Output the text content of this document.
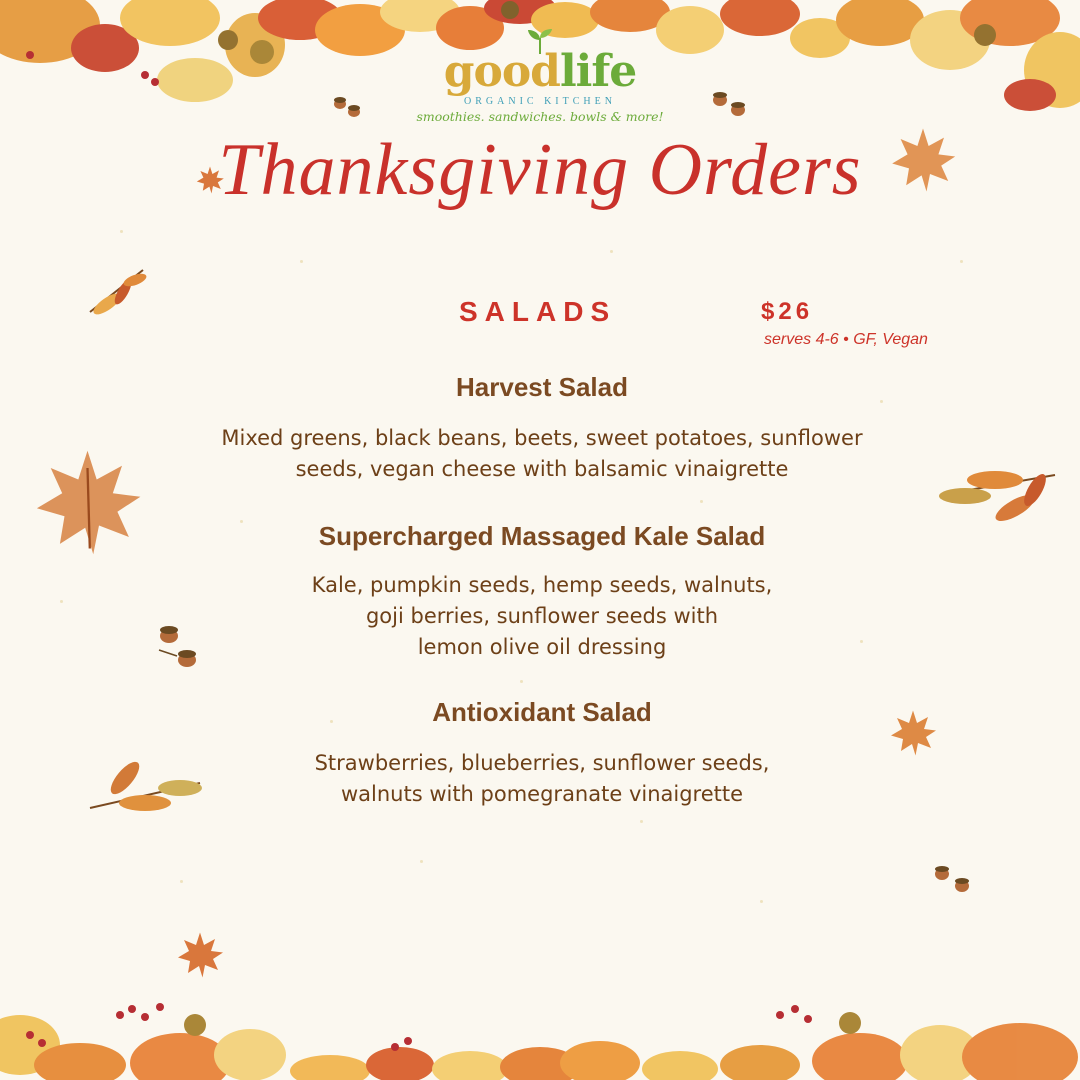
goodlife
ORGANIC KITCHEN
smoothies. sandwiches. bowls & more!
Thanksgiving Orders
SALADS	$26
serves 4-6 • GF, Vegan
Harvest Salad
Mixed greens, black beans, beets, sweet potatoes, sunflower
seeds, vegan cheese with balsamic vinaigrette
Supercharged Massaged Kale Salad
Kale, pumpkin seeds, hemp seeds, walnuts,
goji berries, sunflower seeds with
lemon olive oil dressing
Antioxidant Salad
Strawberries, blueberries, sunflower seeds,
walnuts with pomegranate vinaigrette
